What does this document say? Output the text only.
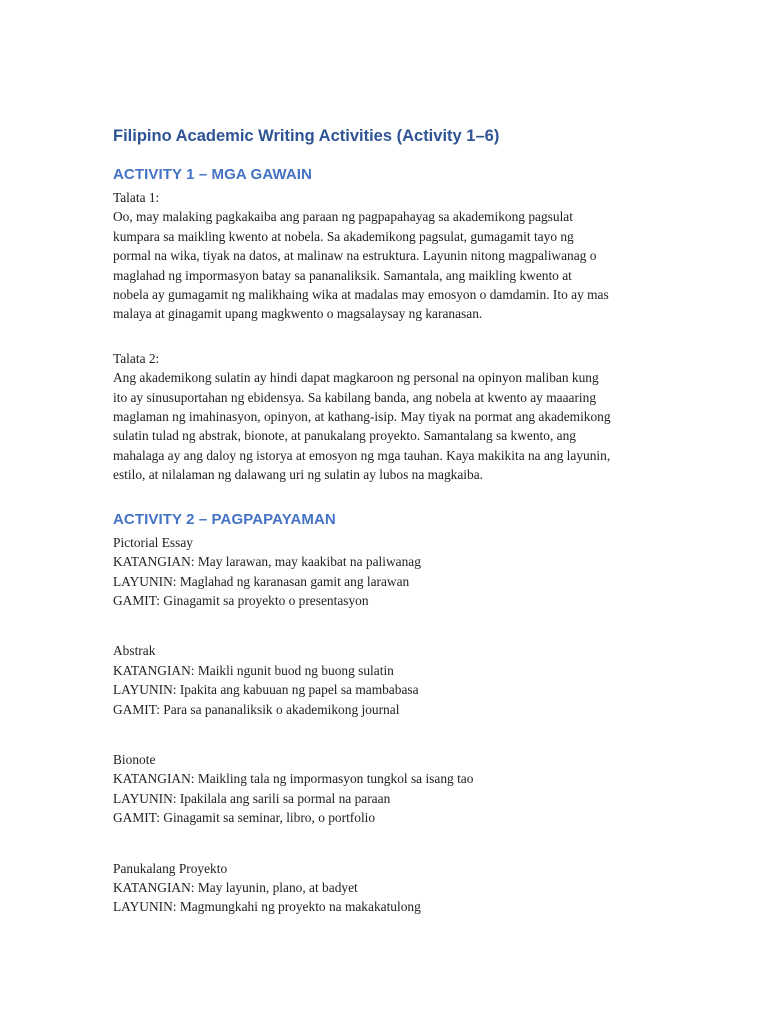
Filipino Academic Writing Activities (Activity 1–6)
ACTIVITY 1 – MGA GAWAIN

Talata 1:

Oo, may malaking pagkakaiba ang paraan ng pagpapahayag sa akademikong pagsulat

kumpara sa maikling kwento at nobela. Sa akademikong pagsulat, gumagamit tayo ng

pormal na wika, tiyak na datos, at malinaw na estruktura. Layunin nitong magpaliwanag o

maglahad ng impormasyon batay sa pananaliksik. Samantala, ang maikling kwento at

nobela ay gumagamit ng malikhaing wika at madalas may emosyon o damdamin. Ito ay mas

malaya at ginagamit upang magkwento o magsalaysay ng karanasan.

Talata 2:

Ang akademikong sulatin ay hindi dapat magkaroon ng personal na opinyon maliban kung

ito ay sinusuportahan ng ebidensya. Sa kabilang banda, ang nobela at kwento ay maaaring

maglaman ng imahinasyon, opinyon, at kathang-isip. May tiyak na pormat ang akademikong

sulatin tulad ng abstrak, bionote, at panukalang proyekto. Samantalang sa kwento, ang

mahalaga ay ang daloy ng istorya at emosyon ng mga tauhan. Kaya makikita na ang layunin,

estilo, at nilalaman ng dalawang uri ng sulatin ay lubos na magkaiba.

ACTIVITY 2 – PAGPAPAYAMAN

Pictorial Essay

KATANGIAN: May larawan, may kaakibat na paliwanag

LAYUNIN: Maglahad ng karanasan gamit ang larawan

GAMIT: Ginagamit sa proyekto o presentasyon

Abstrak

KATANGIAN: Maikli ngunit buod ng buong sulatin

LAYUNIN: Ipakita ang kabuuan ng papel sa mambabasa

GAMIT: Para sa pananaliksik o akademikong journal

Bionote

KATANGIAN: Maikling tala ng impormasyon tungkol sa isang tao

LAYUNIN: Ipakilala ang sarili sa pormal na paraan

GAMIT: Ginagamit sa seminar, libro, o portfolio

Panukalang Proyekto

KATANGIAN: May layunin, plano, at badyet

LAYUNIN: Magmungkahi ng proyekto na makakatulong
